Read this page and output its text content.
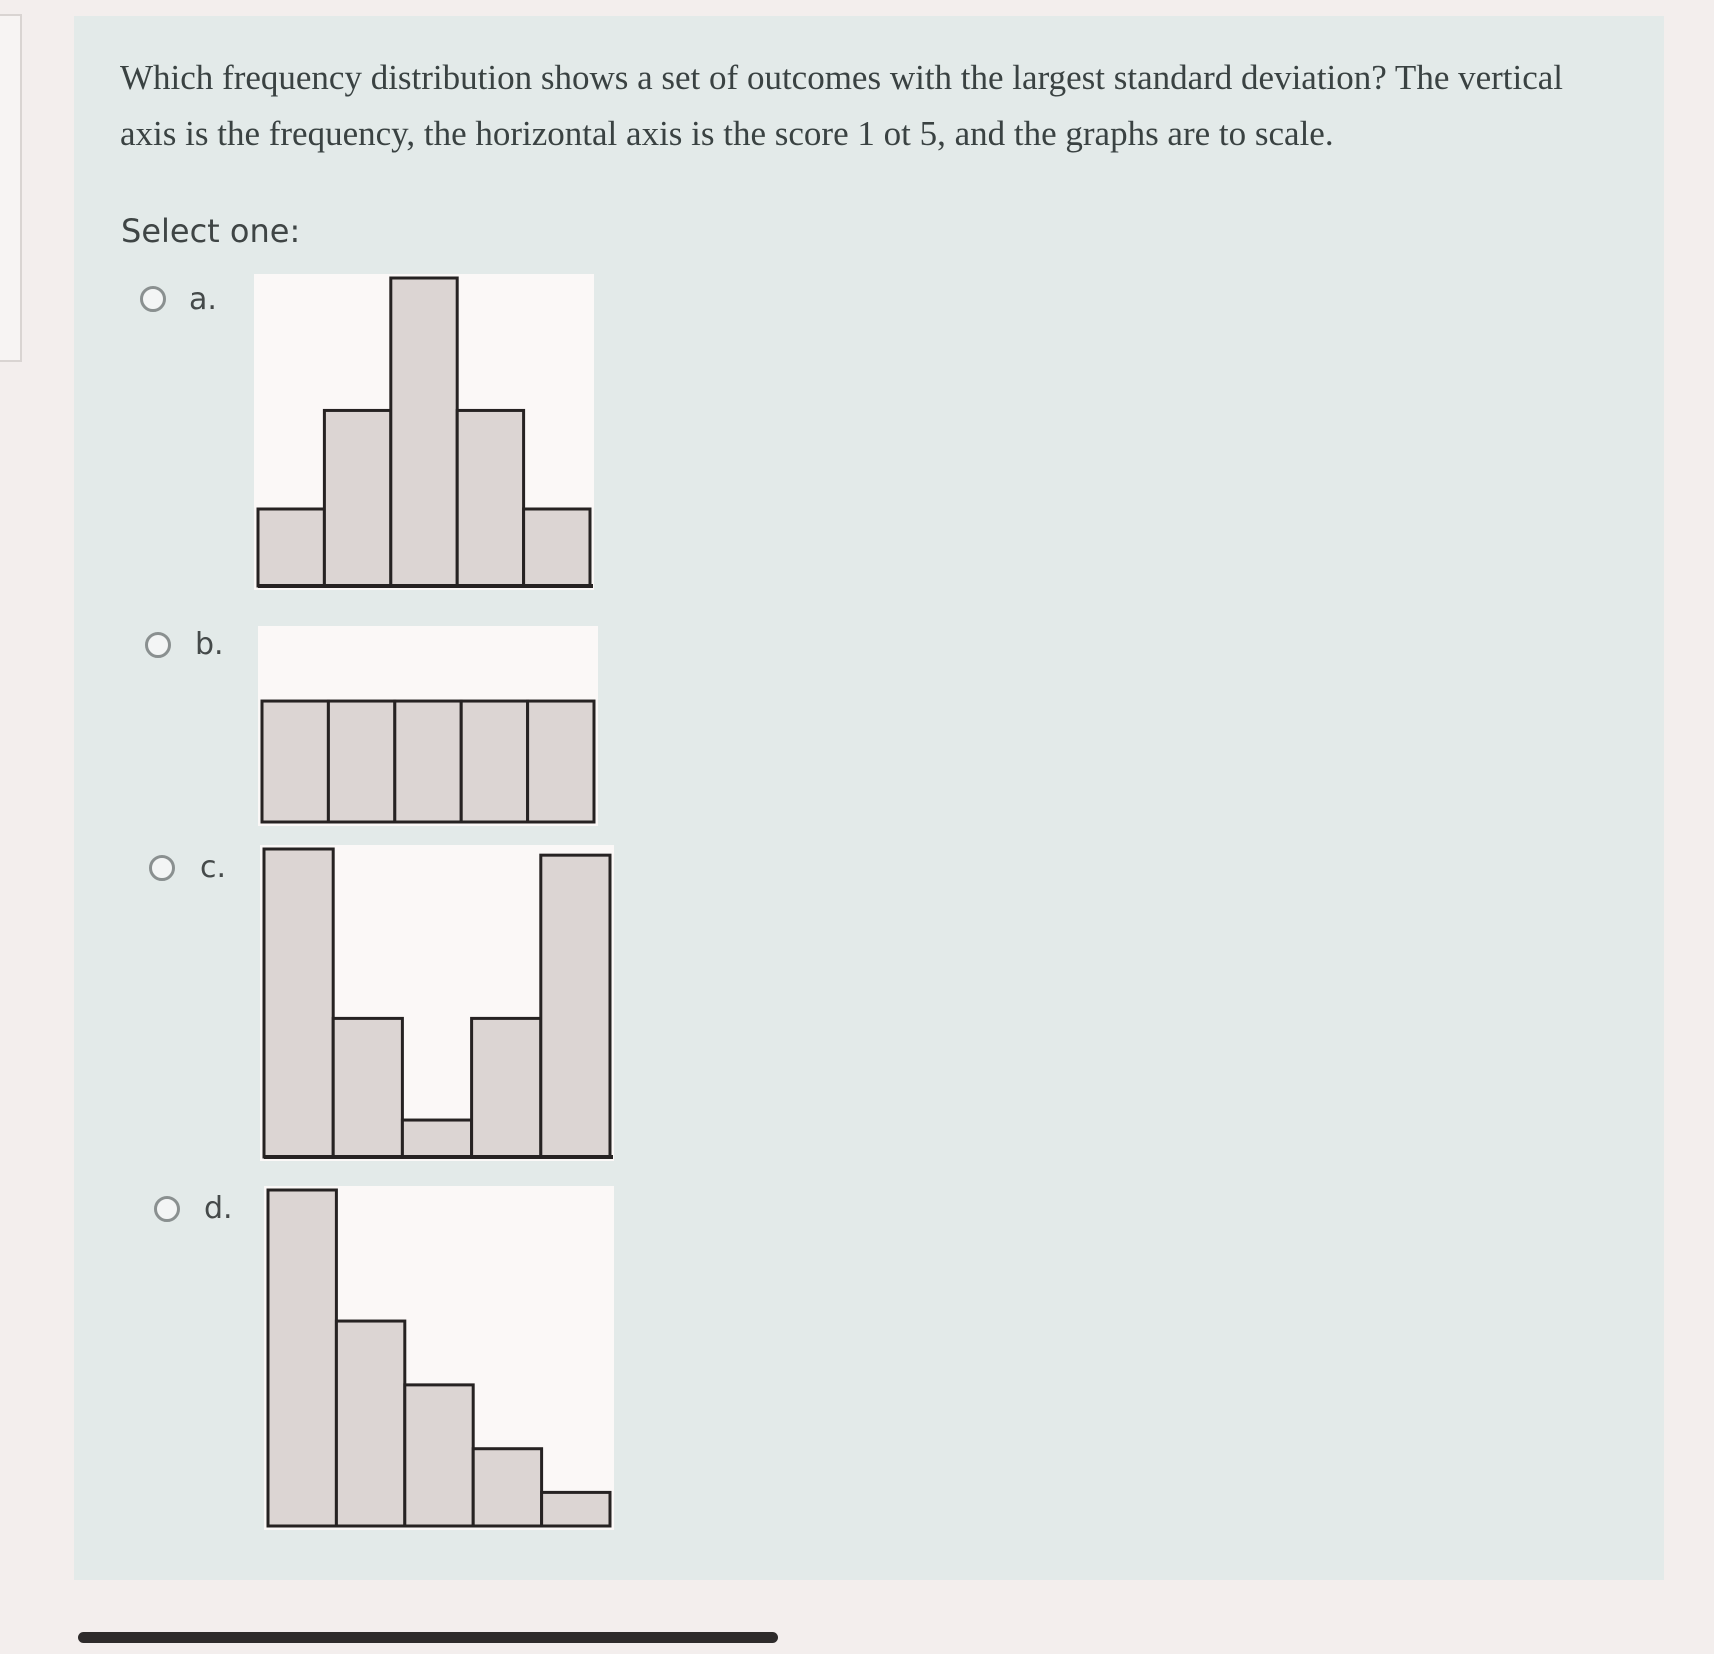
Which frequency distribution shows a set of outcomes with the largest standard deviation? The vertical axis is the frequency, the horizontal axis is the score 1 ot 5, and the graphs are to scale.

Select one:

a.
b.
c.
d.
